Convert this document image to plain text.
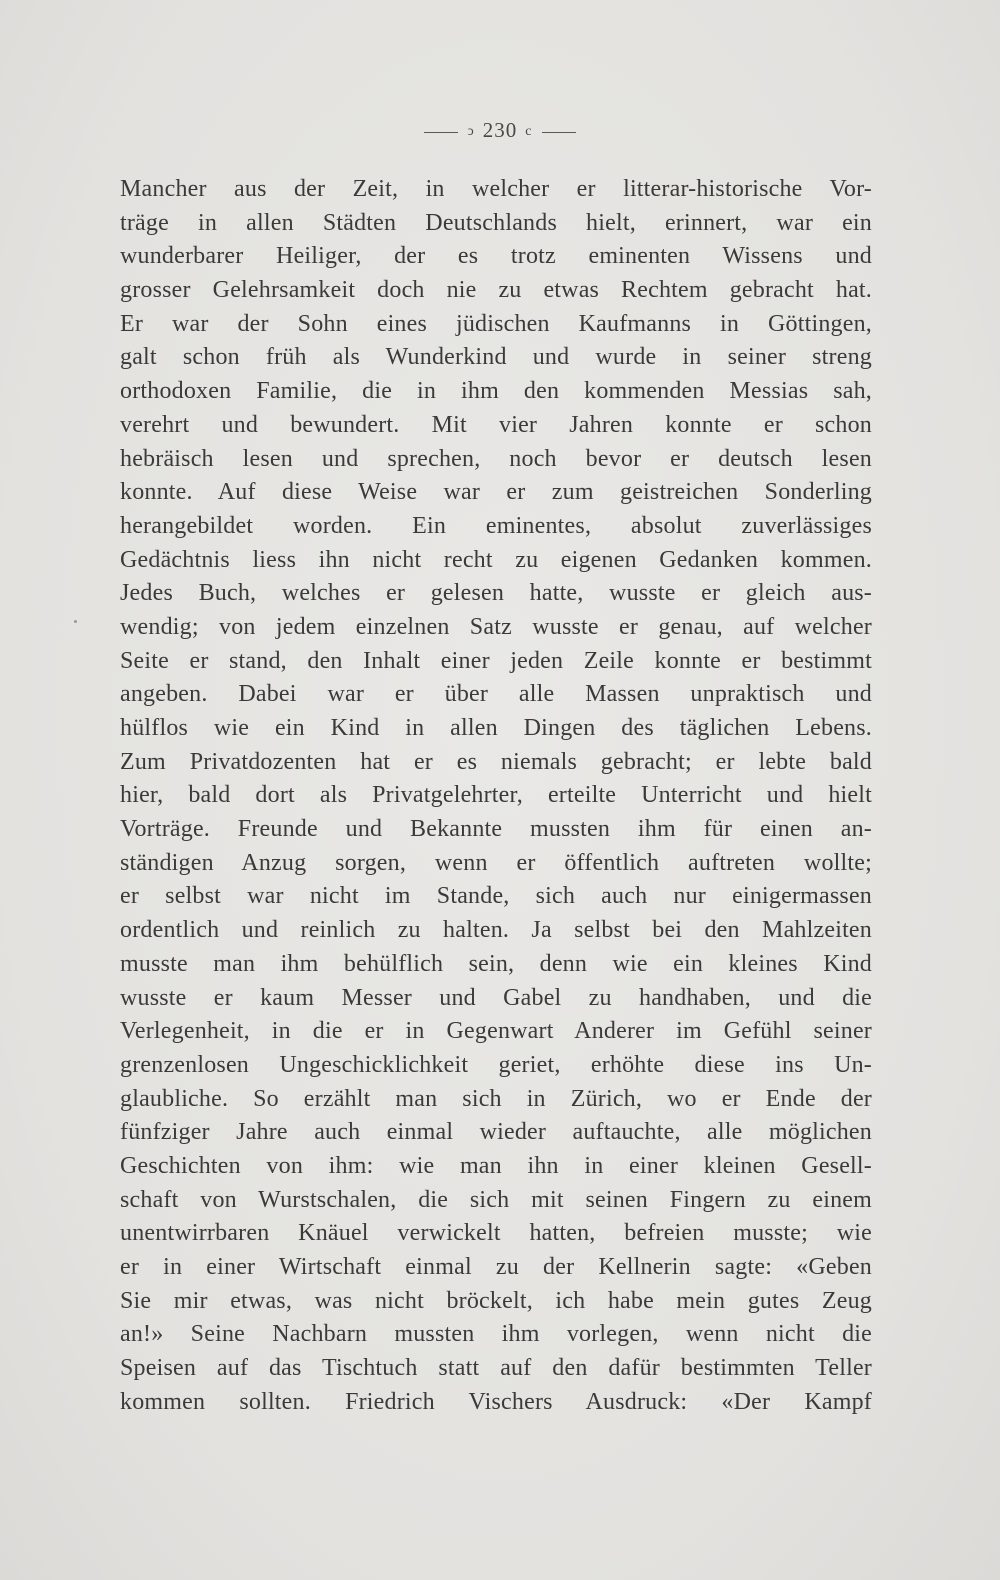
ↄ 230 c
Mancher aus der Zeit, in welcher er litterar-historische Vor-
träge in allen Städten Deutschlands hielt, erinnert, war ein
wunderbarer Heiliger, der es trotz eminenten Wissens und
grosser Gelehrsamkeit doch nie zu etwas Rechtem gebracht hat.
Er war der Sohn eines jüdischen Kaufmanns in Göttingen,
galt schon früh als Wunderkind und wurde in seiner streng
orthodoxen Familie, die in ihm den kommenden Messias sah,
verehrt und bewundert. Mit vier Jahren konnte er schon
hebräisch lesen und sprechen, noch bevor er deutsch lesen
konnte. Auf diese Weise war er zum geistreichen Sonderling
herangebildet worden. Ein eminentes, absolut zuverlässiges
Gedächtnis liess ihn nicht recht zu eigenen Gedanken kommen.
Jedes Buch, welches er gelesen hatte, wusste er gleich aus-
wendig; von jedem einzelnen Satz wusste er genau, auf welcher
Seite er stand, den Inhalt einer jeden Zeile konnte er bestimmt
angeben. Dabei war er über alle Massen unpraktisch und
hülflos wie ein Kind in allen Dingen des täglichen Lebens.
Zum Privatdozenten hat er es niemals gebracht; er lebte bald
hier, bald dort als Privatgelehrter, erteilte Unterricht und hielt
Vorträge. Freunde und Bekannte mussten ihm für einen an-
ständigen Anzug sorgen, wenn er öffentlich auftreten wollte;
er selbst war nicht im Stande, sich auch nur einigermassen
ordentlich und reinlich zu halten. Ja selbst bei den Mahlzeiten
musste man ihm behülflich sein, denn wie ein kleines Kind
wusste er kaum Messer und Gabel zu handhaben, und die
Verlegenheit, in die er in Gegenwart Anderer im Gefühl seiner
grenzenlosen Ungeschicklichkeit geriet, erhöhte diese ins Un-
glaubliche. So erzählt man sich in Zürich, wo er Ende der
fünfziger Jahre auch einmal wieder auftauchte, alle möglichen
Geschichten von ihm: wie man ihn in einer kleinen Gesell-
schaft von Wurstschalen, die sich mit seinen Fingern zu einem
unentwirrbaren Knäuel verwickelt hatten, befreien musste; wie
er in einer Wirtschaft einmal zu der Kellnerin sagte: «Geben
Sie mir etwas, was nicht bröckelt, ich habe mein gutes Zeug
an!» Seine Nachbarn mussten ihm vorlegen, wenn nicht die
Speisen auf das Tischtuch statt auf den dafür bestimmten Teller
kommen sollten. Friedrich Vischers Ausdruck: «Der Kampf
